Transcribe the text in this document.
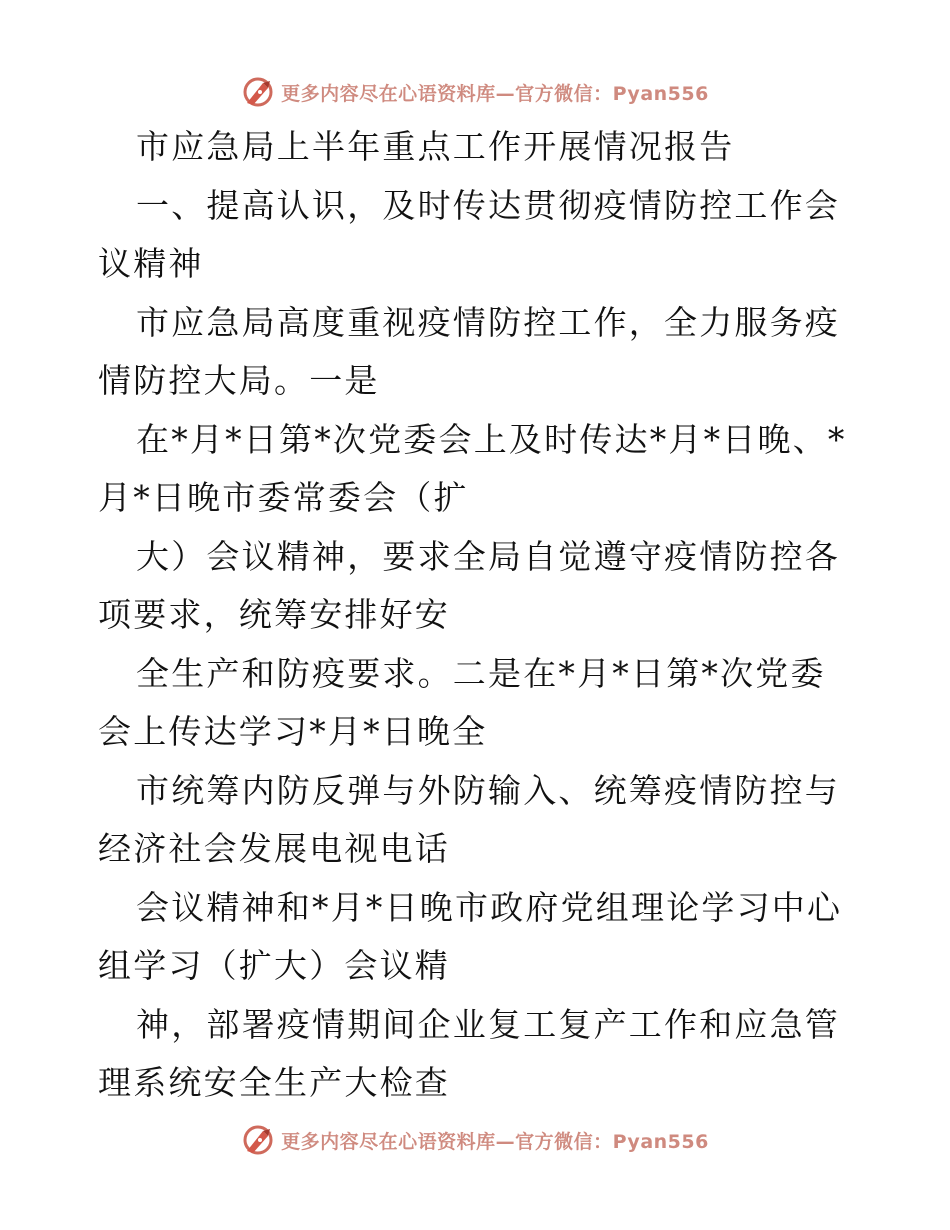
更多内容尽在心语资料库—官方微信：Pyan556

市应急局上半年重点工作开展情况报告

一、提高认识，及时传达贯彻疫情防控工作会议精神

市应急局高度重视疫情防控工作，全力服务疫情防控大局。一是

在*月*日第*次党委会上及时传达*月*日晚、*月*日晚市委常委会（扩

大）会议精神，要求全局自觉遵守疫情防控各项要求，统筹安排好安

全生产和防疫要求。二是在*月*日第*次党委会上传达学习*月*日晚全

市统筹内防反弹与外防输入、统筹疫情防控与经济社会发展电视电话

会议精神和*月*日晚市政府党组理论学习中心组学习（扩大）会议精

神，部署疫情期间企业复工复产工作和应急管理系统安全生产大检查

更多内容尽在心语资料库—官方微信：Pyan556
